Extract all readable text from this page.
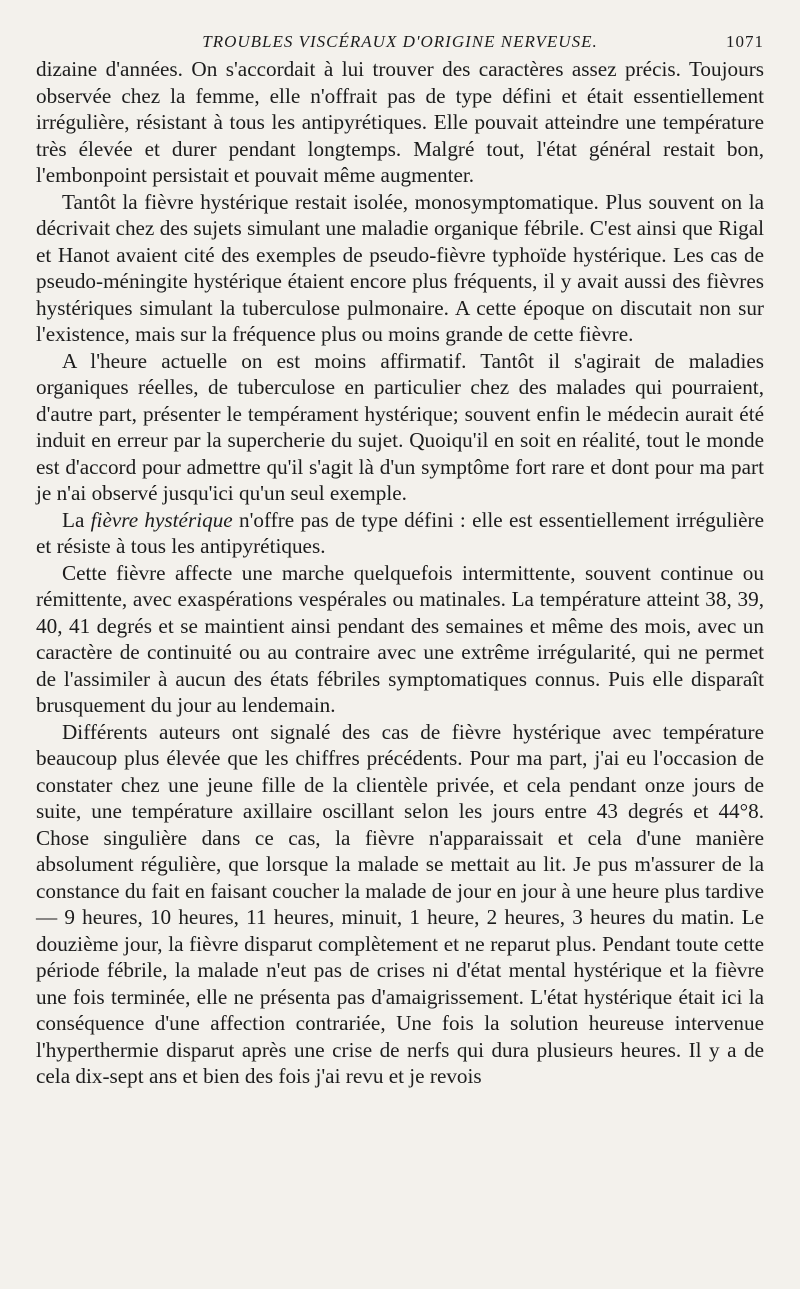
TROUBLES VISCÉRAUX D'ORIGINE NERVEUSE.	1071

dizaine d'années. On s'accordait à lui trouver des caractères assez précis. Toujours observée chez la femme, elle n'offrait pas de type défini et était essentiellement irrégulière, résistant à tous les antipyrétiques. Elle pouvait atteindre une température très élevée et durer pendant longtemps. Malgré tout, l'état général restait bon, l'embonpoint persistait et pouvait même augmenter.

Tantôt la fièvre hystérique restait isolée, monosymptomatique. Plus souvent on la décrivait chez des sujets simulant une maladie organique fébrile. C'est ainsi que Rigal et Hanot avaient cité des exemples de pseudo-fièvre typhoïde hystérique. Les cas de pseudo-méningite hystérique étaient encore plus fréquents, il y avait aussi des fièvres hystériques simulant la tuberculose pulmonaire. A cette époque on discutait non sur l'existence, mais sur la fréquence plus ou moins grande de cette fièvre.

A l'heure actuelle on est moins affirmatif. Tantôt il s'agirait de maladies organiques réelles, de tuberculose en particulier chez des malades qui pourraient, d'autre part, présenter le tempérament hystérique; souvent enfin le médecin aurait été induit en erreur par la supercherie du sujet. Quoiqu'il en soit en réalité, tout le monde est d'accord pour admettre qu'il s'agit là d'un symptôme fort rare et dont pour ma part je n'ai observé jusqu'ici qu'un seul exemple.

La fièvre hystérique n'offre pas de type défini : elle est essentiellement irrégulière et résiste à tous les antipyrétiques.

Cette fièvre affecte une marche quelquefois intermittente, souvent continue ou rémittente, avec exaspérations vespérales ou matinales. La température atteint 38, 39, 40, 41 degrés et se maintient ainsi pendant des semaines et même des mois, avec un caractère de continuité ou au contraire avec une extrême irrégularité, qui ne permet de l'assimiler à aucun des états fébriles symptomatiques connus. Puis elle disparaît brusquement du jour au lendemain.

Différents auteurs ont signalé des cas de fièvre hystérique avec température beaucoup plus élevée que les chiffres précédents. Pour ma part, j'ai eu l'occasion de constater chez une jeune fille de la clientèle privée, et cela pendant onze jours de suite, une température axillaire oscillant selon les jours entre 43 degrés et 44°8. Chose singulière dans ce cas, la fièvre n'apparaissait et cela d'une manière absolument régulière, que lorsque la malade se mettait au lit. Je pus m'assurer de la constance du fait en faisant coucher la malade de jour en jour à une heure plus tardive — 9 heures, 10 heures, 11 heures, minuit, 1 heure, 2 heures, 3 heures du matin. Le douzième jour, la fièvre disparut complètement et ne reparut plus. Pendant toute cette période fébrile, la malade n'eut pas de crises ni d'état mental hystérique et la fièvre une fois terminée, elle ne présenta pas d'amaigrissement. L'état hystérique était ici la conséquence d'une affection contrariée, Une fois la solution heureuse intervenue l'hyperthermie disparut après une crise de nerfs qui dura plusieurs heures. Il y a de cela dix-sept ans et bien des fois j'ai revu et je revois
